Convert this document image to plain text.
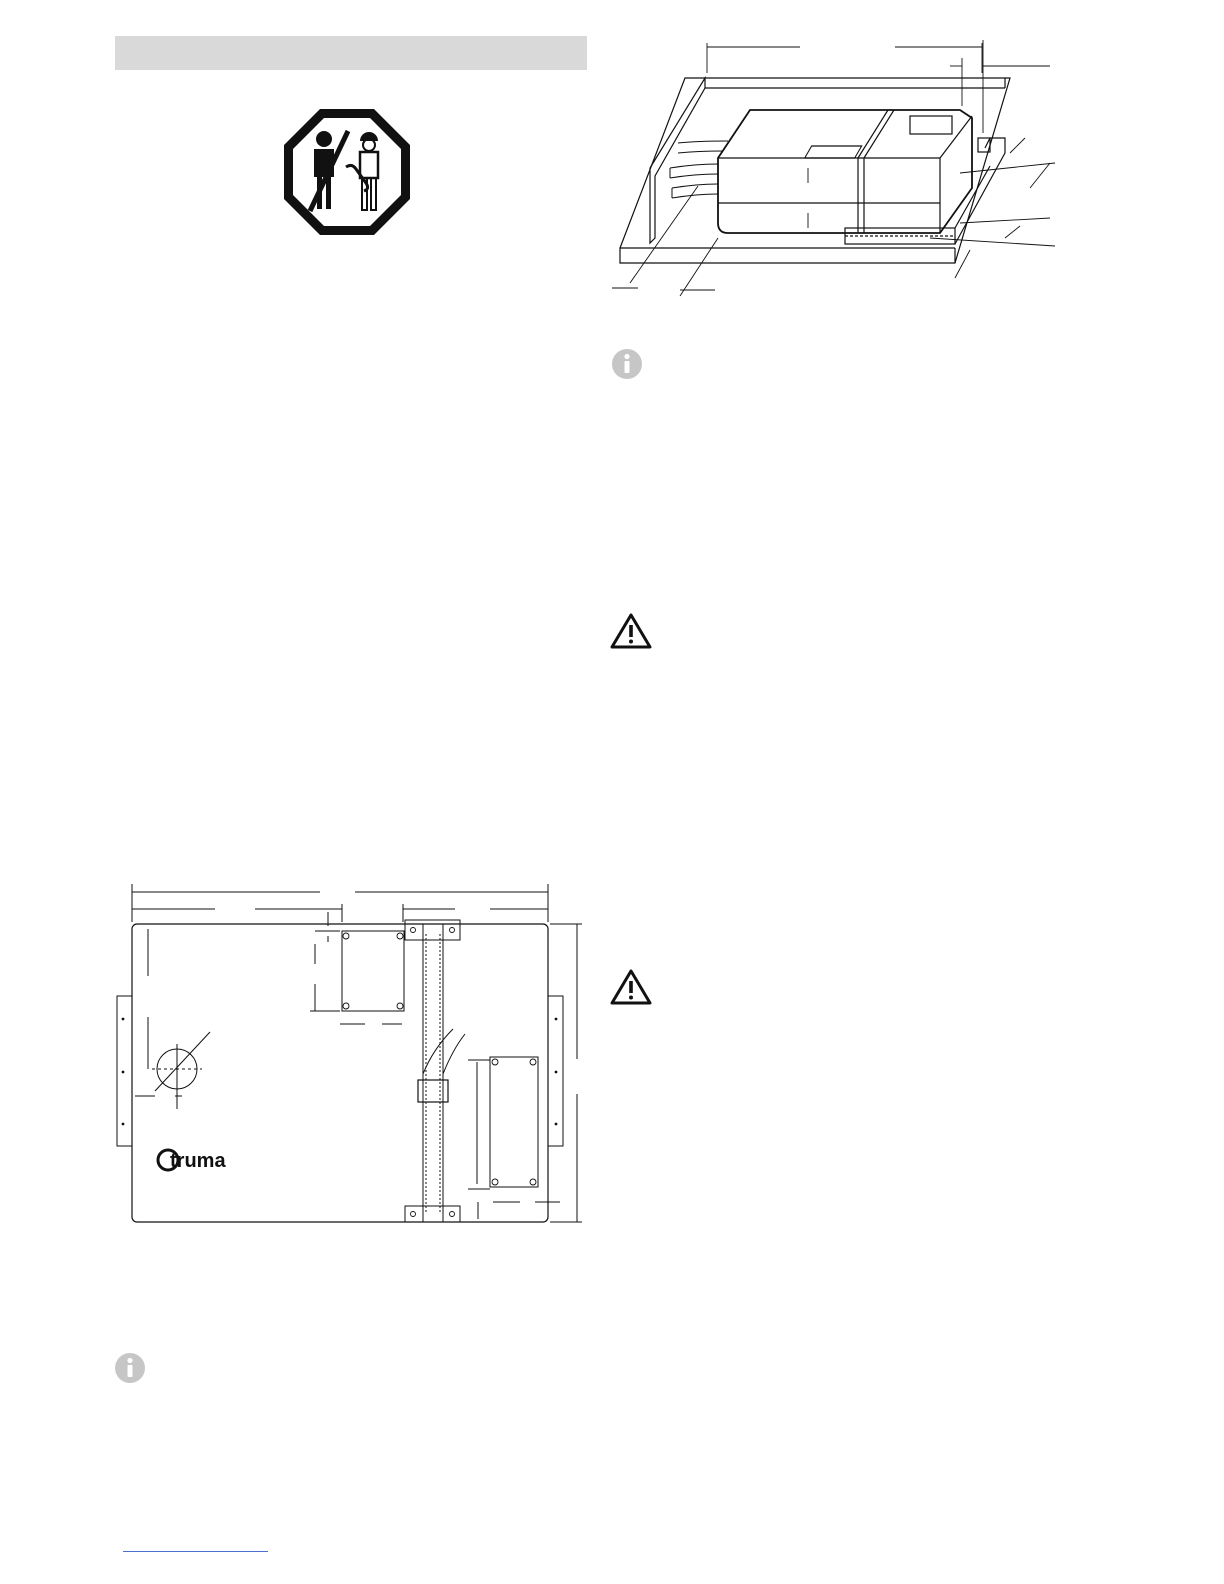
truma
